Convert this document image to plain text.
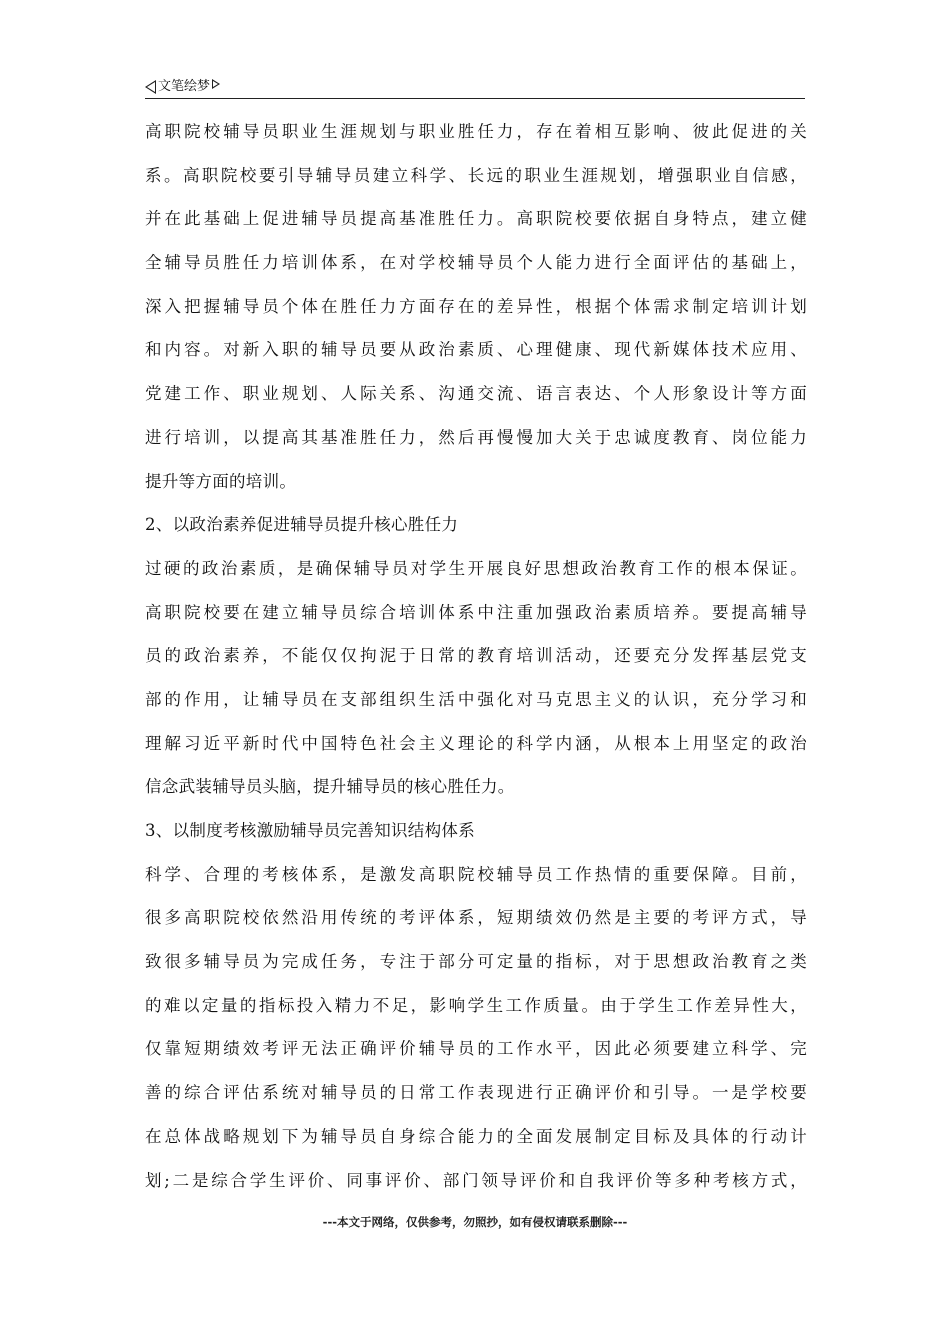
文笔绘梦
高职院校辅导员职业生涯规划与职业胜任力，存在着相互影响、彼此促进的关
系。高职院校要引导辅导员建立科学、长远的职业生涯规划，增强职业自信感，
并在此基础上促进辅导员提高基准胜任力。高职院校要依据自身特点，建立健
全辅导员胜任力培训体系，在对学校辅导员个人能力进行全面评估的基础上，
深入把握辅导员个体在胜任力方面存在的差异性，根据个体需求制定培训计划
和内容。对新入职的辅导员要从政治素质、心理健康、现代新媒体技术应用、
党建工作、职业规划、人际关系、沟通交流、语言表达、个人形象设计等方面
进行培训，以提高其基准胜任力，然后再慢慢加大关于忠诚度教育、岗位能力
提升等方面的培训。
2、以政治素养促进辅导员提升核心胜任力
过硬的政治素质，是确保辅导员对学生开展良好思想政治教育工作的根本保证。
高职院校要在建立辅导员综合培训体系中注重加强政治素质培养。要提高辅导
员的政治素养，不能仅仅拘泥于日常的教育培训活动，还要充分发挥基层党支
部的作用，让辅导员在支部组织生活中强化对马克思主义的认识，充分学习和
理解习近平新时代中国特色社会主义理论的科学内涵，从根本上用坚定的政治
信念武装辅导员头脑，提升辅导员的核心胜任力。
3、以制度考核激励辅导员完善知识结构体系
科学、合理的考核体系，是激发高职院校辅导员工作热情的重要保障。目前，
很多高职院校依然沿用传统的考评体系，短期绩效仍然是主要的考评方式，导
致很多辅导员为完成任务，专注于部分可定量的指标，对于思想政治教育之类
的难以定量的指标投入精力不足，影响学生工作质量。由于学生工作差异性大，
仅靠短期绩效考评无法正确评价辅导员的工作水平，因此必须要建立科学、完
善的综合评估系统对辅导员的日常工作表现进行正确评价和引导。一是学校要
在总体战略规划下为辅导员自身综合能力的全面发展制定目标及具体的行动计
划;二是综合学生评价、同事评价、部门领导评价和自我评价等多种考核方式，
---本文于网络，仅供参考，勿照抄，如有侵权请联系删除---
